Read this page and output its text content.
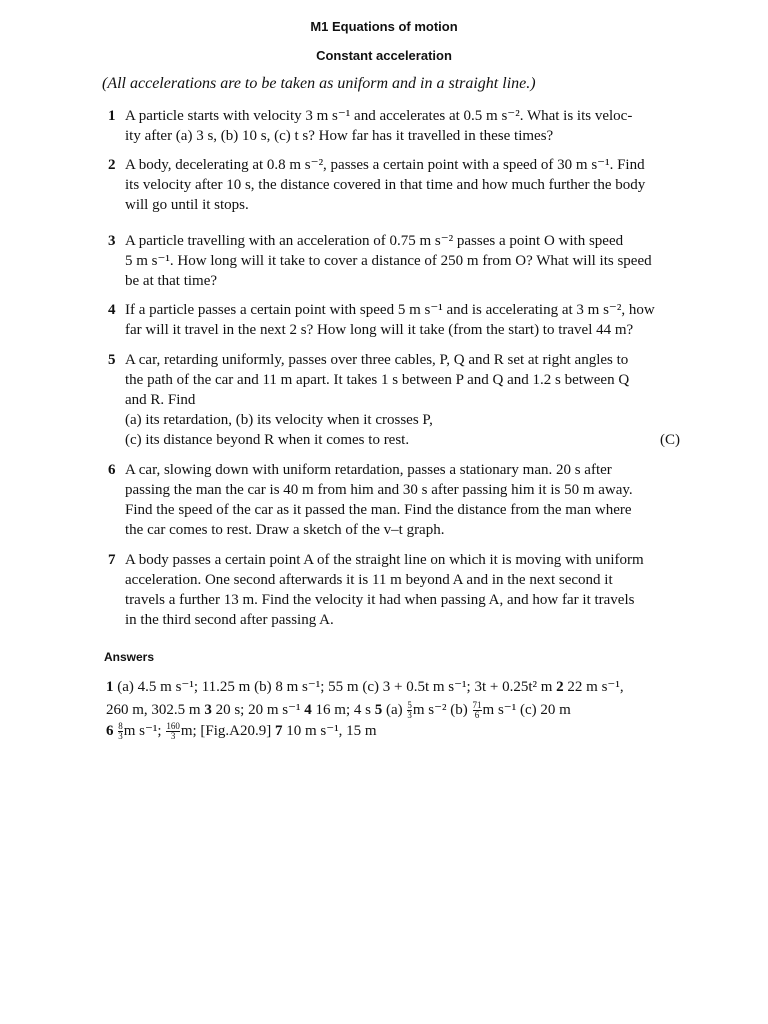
M1 Equations of motion
Constant acceleration
(All accelerations are to be taken as uniform and in a straight line.)
1 A particle starts with velocity 3 m s⁻¹ and accelerates at 0.5 m s⁻². What is its veloc-
ity after (a) 3 s, (b) 10 s, (c) t s? How far has it travelled in these times?
2 A body, decelerating at 0.8 m s⁻², passes a certain point with a speed of 30 m s⁻¹. Find
its velocity after 10 s, the distance covered in that time and how much further the body
will go until it stops.
3 A particle travelling with an acceleration of 0.75 m s⁻² passes a point O with speed
5 m s⁻¹. How long will it take to cover a distance of 250 m from O? What will its speed
be at that time?
4 If a particle passes a certain point with speed 5 m s⁻¹ and is accelerating at 3 m s⁻², how
far will it travel in the next 2 s? How long will it take (from the start) to travel 44 m?
5 A car, retarding uniformly, passes over three cables, P, Q and R set at right angles to
the path of the car and 11 m apart. It takes 1 s between P and Q and 1.2 s between Q
and R. Find
(a) its retardation, (b) its velocity when it crosses P,
(c) its distance beyond R when it comes to rest.	(C)
6 A car, slowing down with uniform retardation, passes a stationary man. 20 s after
passing the man the car is 40 m from him and 30 s after passing him it is 50 m away.
Find the speed of the car as it passed the man. Find the distance from the man where
the car comes to rest. Draw a sketch of the v–t graph.
7 A body passes a certain point A of the straight line on which it is moving with uniform
acceleration. One second afterwards it is 11 m beyond A and in the next second it
travels a further 13 m. Find the velocity it had when passing A, and how far it travels
in the third second after passing A.
Answers
1 (a) 4.5 m s⁻¹; 11.25 m (b) 8 m s⁻¹; 55 m (c) 3 + 0.5t m s⁻¹; 3t + 0.25t² m 2 22 m s⁻¹,
260 m, 302.5 m 3 20 s; 20 m s⁻¹ 4 16 m; 4 s 5 $(a) \frac{5}{3}$ m s⁻² $(b) \frac{71}{6}$ m s⁻¹ (c) 20 m
$6 \frac{8}{3}$ m s⁻¹; $\frac{160}{3} m$; [Fig.A20.9] 7 10 m s⁻¹, 15 m
